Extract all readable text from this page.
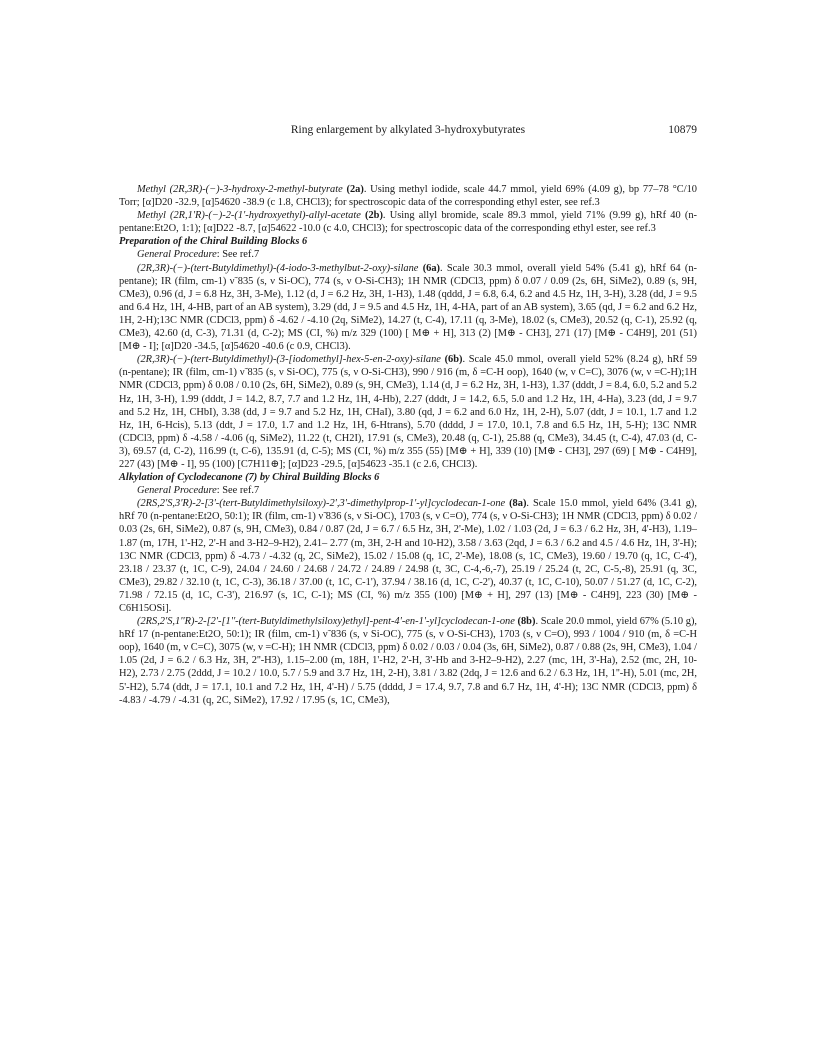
Ring enlargement by alkylated 3-hydroxybutyrates	10879

Methyl (2R,3R)-(−)-3-hydroxy-2-methyl-butyrate (2a). Using methyl iodide, scale 44.7 mmol, yield 69% (4.09 g), bp 77–78 °C/10 Torr; [α]D20 -32.9, [α]54620 -38.9 (c 1.8, CHCl3); for spectroscopic data of the corresponding ethyl ester, see ref.3

Methyl (2R,1'R)-(−)-2-(1'-hydroxyethyl)-allyl-acetate (2b). Using allyl bromide, scale 89.3 mmol, yield 71% (9.99 g), hRf 40 (n-pentane:Et2O, 1:1); [α]D22 -8.7, [α]54622 -10.0 (c 4.0, CHCl3); for spectroscopic data of the corresponding ethyl ester, see ref.3

Preparation of the Chiral Building Blocks 6

General Procedure: See ref.7

(2R,3R)-(−)-(tert-Butyldimethyl)-(4-iodo-3-methylbut-2-oxy)-silane (6a). Scale 30.3 mmol, overall yield 54% (5.41 g), hRf 64 (n-pentane); IR (film, cm-1) ν̃ 835 (s, ν Si-OC), 774 (s, ν O-Si-CH3); 1H NMR (CDCl3, ppm) δ 0.07 / 0.09 (2s, 6H, SiMe2), 0.89 (s, 9H, CMe3), 0.96 (d, J = 6.8 Hz, 3H, 3-Me), 1.12 (d, J = 6.2 Hz, 3H, 1-H3), 1.48 (qddd, J = 6.8, 6.4, 6.2 and 4.5 Hz, 1H, 3-H), 3.28 (dd, J = 9.5 and 6.4 Hz, 1H, 4-HB, part of an AB system), 3.29 (dd, J = 9.5 and 4.5 Hz, 1H, 4-HA, part of an AB system), 3.65 (qd, J = 6.2 and 6.2 Hz, 1H, 2-H);13C NMR (CDCl3, ppm) δ -4.62 / -4.10 (2q, SiMe2), 14.27 (t, C-4), 17.11 (q, 3-Me), 18.02 (s, CMe3), 20.52 (q, C-1), 25.92 (q, CMe3), 42.60 (d, C-3), 71.31 (d, C-2); MS (CI, %) m/z 329 (100) [ M⊕ + H], 313 (2) [M⊕ - CH3], 271 (17) [M⊕ - C4H9], 201 (51) [M⊕ - I]; [α]D20 -34.5, [α]54620 -40.6 (c 0.9, CHCl3).

(2R,3R)-(−)-(tert-Butyldimethyl)-(3-[iodomethyl]-hex-5-en-2-oxy)-silane (6b). Scale 45.0 mmol, overall yield 52% (8.24 g), hRf 59 (n-pentane); IR (film, cm-1) ν̃ 835 (s, ν Si-OC), 775 (s, ν O-Si-CH3), 990 / 916 (m, δ =C-H oop), 1640 (w, ν C=C), 3076 (w, ν =C-H);1H NMR (CDCl3, ppm) δ 0.08 / 0.10 (2s, 6H, SiMe2), 0.89 (s, 9H, CMe3), 1.14 (d, J = 6.2 Hz, 3H, 1-H3), 1.37 (dddt, J = 8.4, 6.0, 5.2 and 5.2 Hz, 1H, 3-H), 1.99 (dddt, J = 14.2, 8.7, 7.7 and 1.2 Hz, 1H, 4-Hb), 2.27 (dddt, J = 14.2, 6.5, 5.0 and 1.2 Hz, 1H, 4-Ha), 3.23 (dd, J = 9.7 and 5.2 Hz, 1H, CHbI), 3.38 (dd, J = 9.7 and 5.2 Hz, 1H, CHaI), 3.80 (qd, J = 6.2 and 6.0 Hz, 1H, 2-H), 5.07 (ddt, J = 10.1, 1.7 and 1.2 Hz, 1H, 6-Hcis), 5.13 (ddt, J = 17.0, 1.7 and 1.2 Hz, 1H, 6-Htrans), 5.70 (dddd, J = 17.0, 10.1, 7.8 and 6.5 Hz, 1H, 5-H); 13C NMR (CDCl3, ppm) δ -4.58 / -4.06 (q, SiMe2), 11.22 (t, CH2I), 17.91 (s, CMe3), 20.48 (q, C-1), 25.88 (q, CMe3), 34.45 (t, C-4), 47.03 (d, C-3), 69.57 (d, C-2), 116.99 (t, C-6), 135.91 (d, C-5); MS (CI, %) m/z 355 (55) [M⊕ + H], 339 (10) [M⊕ - CH3], 297 (69) [ M⊕ - C4H9], 227 (43) [M⊕ - I], 95 (100) [C7H11⊕]; [α]D23 -29.5, [α]54623 -35.1 (c 2.6, CHCl3).

Alkylation of Cyclodecanone (7) by Chiral Building Blocks 6

General Procedure: See ref.7

(2RS,2'S,3'R)-2-[3'-(tert-Butyldimethylsiloxy)-2',3'-dimethylprop-1'-yl]cyclodecan-1-one (8a). Scale 15.0 mmol, yield 64% (3.41 g), hRf 70 (n-pentane:Et2O, 50:1); IR (film, cm-1) ν̃ 836 (s, ν Si-OC), 1703 (s, ν C=O), 774 (s, ν O-Si-CH3); 1H NMR (CDCl3, ppm) δ 0.02 / 0.03 (2s, 6H, SiMe2), 0.87 (s, 9H, CMe3), 0.84 / 0.87 (2d, J = 6.7 / 6.5 Hz, 3H, 2'-Me), 1.02 / 1.03 (2d, J = 6.3 / 6.2 Hz, 3H, 4'-H3), 1.19–1.87 (m, 17H, 1'-H2, 2'-H and 3-H2–9-H2), 2.41– 2.77 (m, 3H, 2-H and 10-H2), 3.58 / 3.63 (2qd, J = 6.3 / 6.2 and 4.5 / 4.6 Hz, 1H, 3'-H); 13C NMR (CDCl3, ppm) δ -4.73 / -4.32 (q, 2C, SiMe2), 15.02 / 15.08 (q, 1C, 2'-Me), 18.08 (s, 1C, CMe3), 19.60 / 19.70 (q, 1C, C-4'), 23.18 / 23.37 (t, 1C, C-9), 24.04 / 24.60 / 24.68 / 24.72 / 24.89 / 24.98 (t, 3C, C-4,-6,-7), 25.19 / 25.24 (t, 2C, C-5,-8), 25.91 (q, 3C, CMe3), 29.82 / 32.10 (t, 1C, C-3), 36.18 / 37.00 (t, 1C, C-1'), 37.94 / 38.16 (d, 1C, C-2'), 40.37 (t, 1C, C-10), 50.07 / 51.27 (d, 1C, C-2), 71.98 / 72.15 (d, 1C, C-3'), 216.97 (s, 1C, C-1); MS (CI, %) m/z 355 (100) [M⊕ + H], 297 (13) [M⊕ - C4H9], 223 (30) [M⊕ - C6H15OSi].

(2RS,2'S,1''R)-2-[2'-[1''-(tert-Butyldimethylsiloxy)ethyl]-pent-4'-en-1'-yl]cyclodecan-1-one (8b). Scale 20.0 mmol, yield 67% (5.10 g), hRf 17 (n-pentane:Et2O, 50:1); IR (film, cm-1) ν̃ 836 (s, ν Si-OC), 775 (s, ν O-Si-CH3), 1703 (s, ν C=O), 993 / 1004 / 910 (m, δ =C-H oop), 1640 (m, ν C=C), 3075 (w, ν =C-H); 1H NMR (CDCl3, ppm) δ 0.02 / 0.03 / 0.04 (3s, 6H, SiMe2), 0.87 / 0.88 (2s, 9H, CMe3), 1.04 / 1.05 (2d, J = 6.2 / 6.3 Hz, 3H, 2''-H3), 1.15–2.00 (m, 18H, 1'-H2, 2'-H, 3'-Hb and 3-H2–9-H2), 2.27 (mc, 1H, 3'-Ha), 2.52 (mc, 2H, 10-H2), 2.73 / 2.75 (2ddd, J = 10.2 / 10.0, 5.7 / 5.9 and 3.7 Hz, 1H, 2-H), 3.81 / 3.82 (2dq, J = 12.6 and 6.2 / 6.3 Hz, 1H, 1''-H), 5.01 (mc, 2H, 5'-H2), 5.74 (ddt, J = 17.1, 10.1 and 7.2 Hz, 1H, 4'-H) / 5.75 (dddd, J = 17.4, 9.7, 7.8 and 6.7 Hz, 1H, 4'-H); 13C NMR (CDCl3, ppm) δ -4.83 / -4.79 / -4.31 (q, 2C, SiMe2), 17.92 / 17.95 (s, 1C, CMe3),
